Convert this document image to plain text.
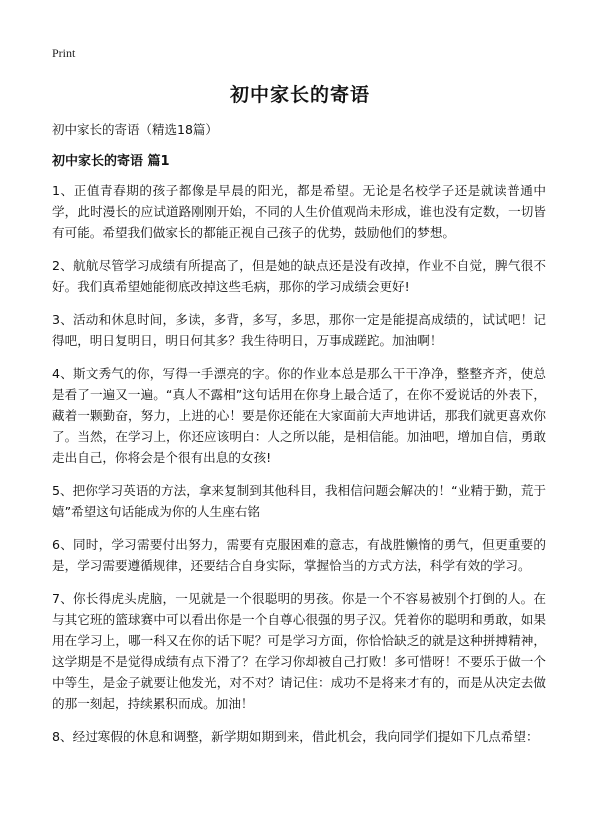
Print
初中家长的寄语
初中家长的寄语（精选18篇）
初中家长的寄语 篇1

1、正值青春期的孩子都像是早晨的阳光，都是希望。无论是名校学子还是就读普通中学，此时漫长的应试道路刚刚开始，不同的人生价值观尚未形成，谁也没有定数，一切皆有可能。希望我们做家长的都能正视自己孩子的优势，鼓励他们的梦想。

2、航航尽管学习成绩有所提高了，但是她的缺点还是没有改掉，作业不自觉，脾气很不好。我们真希望她能彻底改掉这些毛病，那你的学习成绩会更好!

3、活动和休息时间，多读，多背，多写，多思，那你一定是能提高成绩的，试试吧！记得吧，明日复明日，明日何其多？我生待明日，万事成蹉跎。加油啊！

4、斯文秀气的你，写得一手漂亮的字。你的作业本总是那么干干净净，整整齐齐，使总是看了一遍又一遍。“真人不露相”这句话用在你身上最合适了，在你不爱说话的外表下，藏着一颗勤奋，努力，上进的心！要是你还能在大家面前大声地讲话，那我们就更喜欢你了。当然，在学习上，你还应该明白：人之所以能，是相信能。加油吧，增加自信，勇敢走出自己，你将会是个很有出息的女孩!

5、把你学习英语的方法，拿来复制到其他科目，我相信问题会解决的！“业精于勤，荒于嬉”希望这句话能成为你的人生座右铭

6、同时，学习需要付出努力，需要有克服困难的意志，有战胜懒惰的勇气，但更重要的是，学习需要遵循规律，还要结合自身实际，掌握恰当的方式方法，科学有效的学习。

7、你长得虎头虎脑，一见就是一个很聪明的男孩。你是一个不容易被别个打倒的人。在与其它班的篮球赛中可以看出你是一个自尊心很强的男子汉。凭着你的聪明和勇敢，如果用在学习上，哪一科又在你的话下呢？可是学习方面，你恰恰缺乏的就是这种拼搏精神，这学期是不是觉得成绩有点下滑了？在学习你却被自己打败！多可惜呀！不要乐于做一个中等生，是金子就要让他发光，对不对？请记住：成功不是将来才有的，而是从决定去做的那一刻起，持续累积而成。加油！

8、经过寒假的休息和调整，新学期如期到来，借此机会，我向同学们提如下几点希望：
